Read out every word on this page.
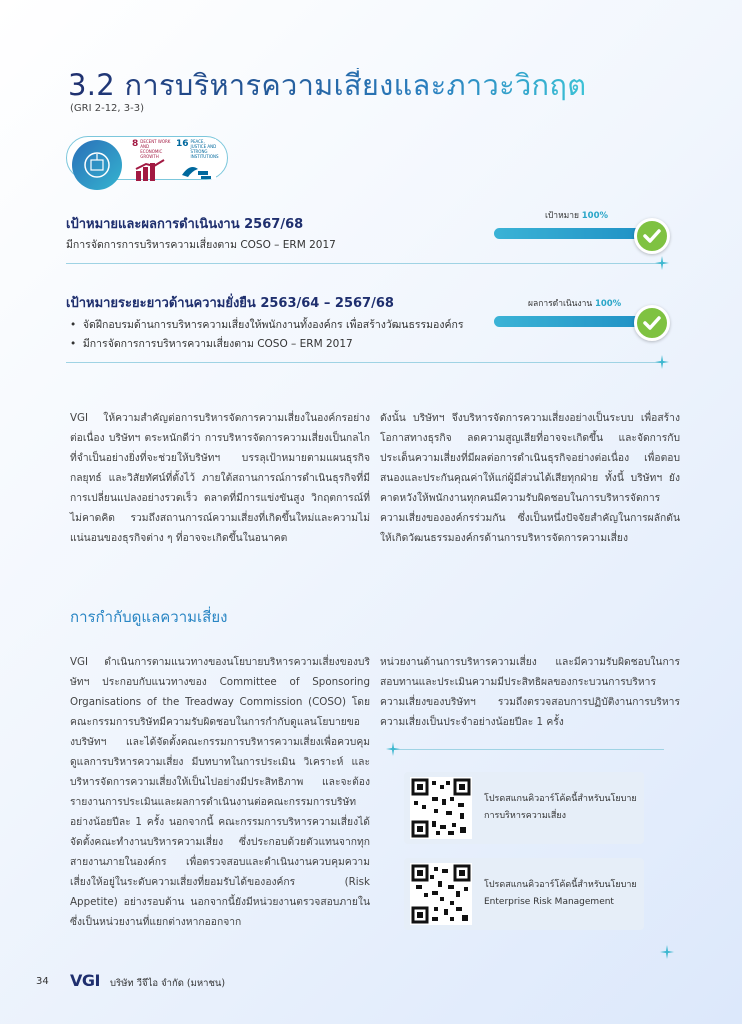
3.2 การบริหารความเสี่ยงและภาวะวิกฤต
(GRI 2-12, 3-3)
8 DECENT WORK AND ECONOMIC GROWTH
16 PEACE, JUSTICE AND STRONG INSTITUTIONS
เป้าหมายและผลการดำเนินงาน 2567/68
มีการจัดการการบริหารความเสี่ยงตาม COSO – ERM 2017
เป้าหมาย 100%
เป้าหมายระยะยาวด้านความยั่งยืน 2563/64 – 2567/68
•  จัดฝึกอบรมด้านการบริหารความเสี่ยงให้พนักงานทั้งองค์กร เพื่อสร้างวัฒนธรรมองค์กร
•  มีการจัดการการบริหารความเสี่ยงตาม COSO – ERM 2017
ผลการดำเนินงาน 100%
VGI ให้ความสำคัญต่อการบริหารจัดการความเสี่ยงในองค์กรอย่างต่อเนื่อง บริษัทฯ ตระหนักดีว่า การบริหารจัดการความเสี่ยงเป็นกลไกที่จำเป็นอย่างยิ่งที่จะช่วยให้บริษัทฯ บรรลุเป้าหมายตามแผนธุรกิจ กลยุทธ์ และวิสัยทัศน์ที่ตั้งไว้ ภายใต้สถานการณ์การดำเนินธุรกิจที่มีการเปลี่ยนแปลงอย่างรวดเร็ว ตลาดที่มีการแข่งขันสูง วิกฤตการณ์ที่ไม่คาดคิด รวมถึงสถานการณ์ความเสี่ยงที่เกิดขึ้นใหม่และความไม่แน่นอนของธุรกิจต่าง ๆ ที่อาจจะเกิดขึ้นในอนาคต
ดังนั้น บริษัทฯ จึงบริหารจัดการความเสี่ยงอย่างเป็นระบบ เพื่อสร้างโอกาสทางธุรกิจ ลดความสูญเสียที่อาจจะเกิดขึ้น และจัดการกับประเด็นความเสี่ยงที่มีผลต่อการดำเนินธุรกิจอย่างต่อเนื่อง เพื่อตอบสนองและประกันคุณค่าให้แก่ผู้มีส่วนได้เสียทุกฝ่าย ทั้งนี้ บริษัทฯ ยังคาดหวังให้พนักงานทุกคนมีความรับผิดชอบในการบริหารจัดการความเสี่ยงขององค์กรร่วมกัน ซึ่งเป็นหนึ่งปัจจัยสำคัญในการผลักดันให้เกิดวัฒนธรรมองค์กรด้านการบริหารจัดการความเสี่ยง
การกำกับดูแลความเสี่ยง
VGI ดำเนินการตามแนวทางของนโยบายบริหารความเสี่ยงของบริษัทฯ ประกอบกับแนวทางของ Committee of Sponsoring Organisations of the Treadway Commission (COSO) โดยคณะกรรมการบริษัทมีความรับผิดชอบในการกำกับดูแลนโยบายของบริษัทฯ และได้จัดตั้งคณะกรรมการบริหารความเสี่ยงเพื่อควบคุมดูแลการบริหารความเสี่ยง มีบทบาทในการประเมิน วิเคราะห์ และบริหารจัดการความเสี่ยงให้เป็นไปอย่างมีประสิทธิภาพ และจะต้องรายงานการประเมินและผลการดำเนินงานต่อคณะกรรมการบริษัทอย่างน้อยปีละ 1 ครั้ง นอกจากนี้ คณะกรรมการบริหารความเสี่ยงได้จัดตั้งคณะทำงานบริหารความเสี่ยง ซึ่งประกอบด้วยตัวแทนจากทุกสายงานภายในองค์กร เพื่อตรวจสอบและดำเนินงานควบคุมความเสี่ยงให้อยู่ในระดับความเสี่ยงที่ยอมรับได้ขององค์กร (Risk Appetite) อย่างรอบด้าน นอกจากนี้ยังมีหน่วยงานตรวจสอบภายใน ซึ่งเป็นหน่วยงานที่แยกต่างหากออกจาก
หน่วยงานด้านการบริหารความเสี่ยง และมีความรับผิดชอบในการสอบทานและประเมินความมีประสิทธิผลของกระบวนการบริหารความเสี่ยงของบริษัทฯ รวมถึงตรวจสอบการปฏิบัติงานการบริหารความเสี่ยงเป็นประจำอย่างน้อยปีละ 1 ครั้ง
โปรดสแกนคิวอาร์โค้ดนี้สำหรับนโยบาย
การบริหารความเสี่ยง
โปรดสแกนคิวอาร์โค้ดนี้สำหรับนโยบาย
Enterprise Risk Management
34 VGI บริษัท วีจีไอ จำกัด (มหาชน)
